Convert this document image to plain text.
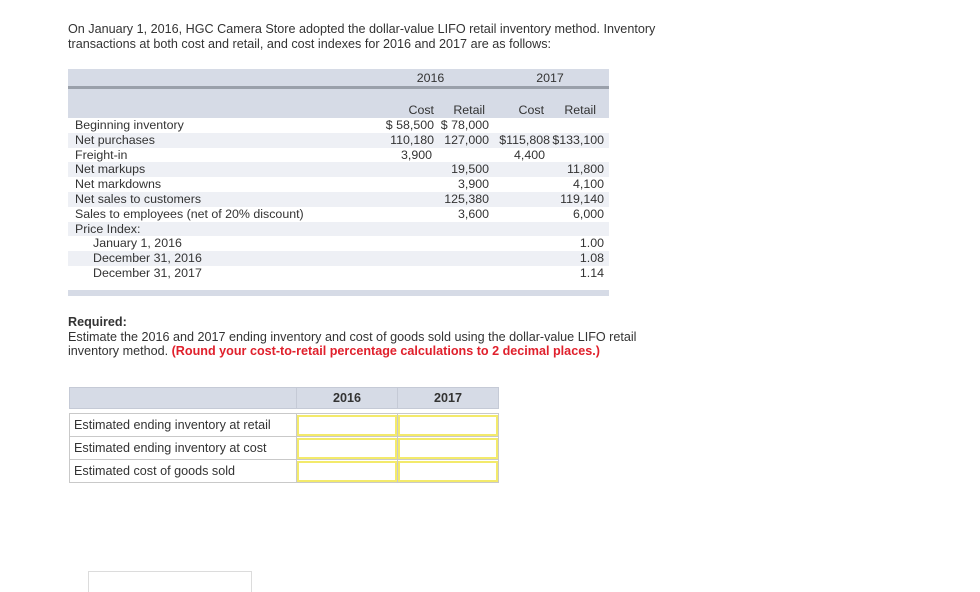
On January 1, 2016, HGC Camera Store adopted the dollar-value LIFO retail inventory method. Inventory transactions at both cost and retail, and cost indexes for 2016 and 2017 are as follows:

	2016		2017	
	Cost	Retail	Cost	Retail
Beginning inventory	$ 58,500	$ 78,000		
Net purchases	110,180	127,000	$115,808	$133,100
Freight-in	3,900		4,400	
Net markups		19,500		11,800
Net markdowns		3,900		4,100
Net sales to customers		125,380		119,140
Sales to employees (net of 20% discount)		3,600		6,000
Price Index:				
January 1, 2016				1.00
December 31, 2016				1.08
December 31, 2017				1.14

Required:
Estimate the 2016 and 2017 ending inventory and cost of goods sold using the dollar-value LIFO retail inventory method. (Round your cost-to-retail percentage calculations to 2 decimal places.)

	2016	2017

Estimated ending inventory at retail	

Estimated ending inventory at cost	

Estimated cost of goods sold	
